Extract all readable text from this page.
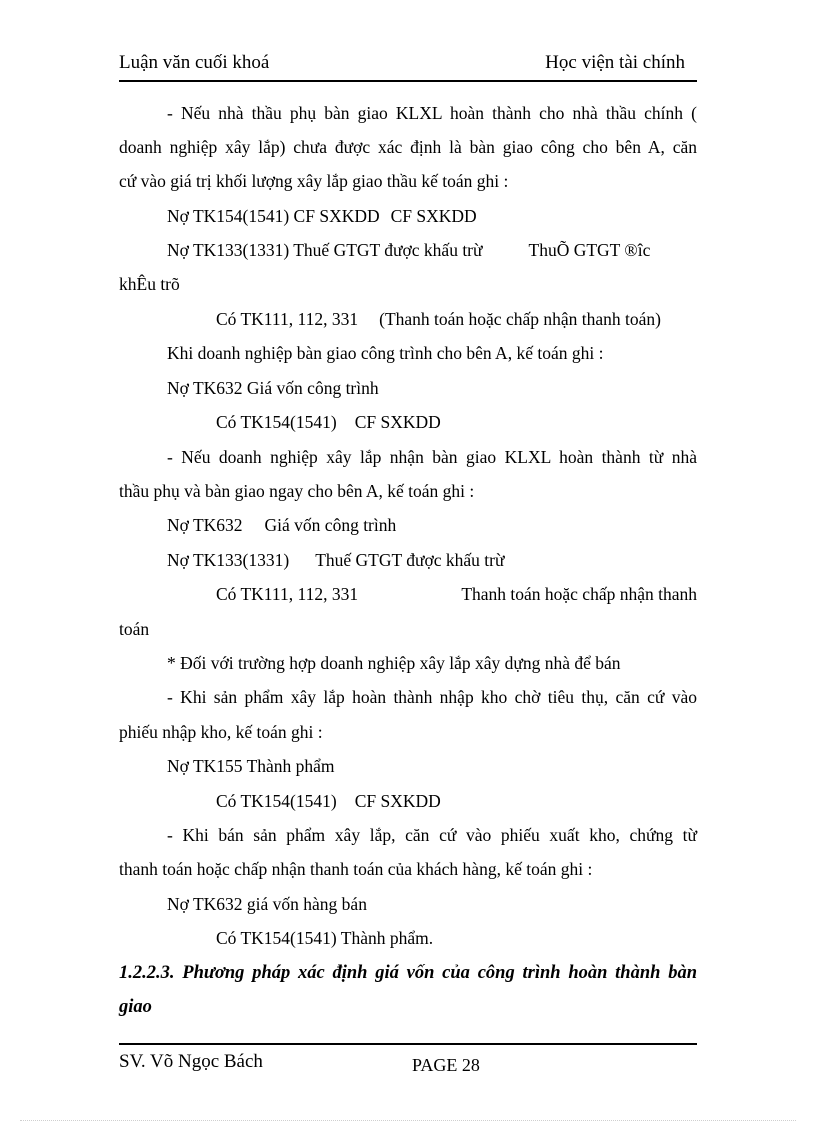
Luận văn cuối khoá	Học viện tài chính
- Nếu nhà thầu phụ bàn giao KLXL hoàn thành cho nhà thầu chính (
doanh nghiệp xây lắp) chưa được xác định là bàn giao công cho bên A, căn
cứ vào giá trị khối lượng xây lắp giao thầu kế toán ghi :
Nợ TK154(1541) CF SXKDD CF SXKDD
Nợ TK133(1331) Thuế GTGT được khấu trừ	ThuÕ GTGT ®îc
khÊu trõ
Có TK111, 112, 331 (Thanh toán hoặc chấp nhận thanh toán)
Khi doanh nghiệp bàn giao công trình cho bên A, kế toán ghi :
Nợ TK632 Giá vốn công trình
Có TK154(1541) CF SXKDD
- Nếu doanh nghiệp xây lắp nhận bàn giao KLXL hoàn thành từ nhà
thầu phụ và bàn giao ngay cho bên A, kế toán ghi :
Nợ TK632 Giá vốn công trình
Nợ TK133(1331) Thuế GTGT được khấu trừ
Có TK111, 112, 331	Thanh toán hoặc chấp nhận thanh
toán
* Đối với trường hợp doanh nghiệp xây lắp xây dựng nhà để bán
- Khi sản phẩm xây lắp hoàn thành nhập kho chờ tiêu thụ, căn cứ vào
phiếu nhập kho, kế toán ghi :
Nợ TK155 Thành phẩm
Có TK154(1541) CF SXKDD
- Khi bán sản phẩm xây lắp, căn cứ vào phiếu xuất kho, chứng từ
thanh toán hoặc chấp nhận thanh toán của khách hàng, kế toán ghi :
Nợ TK632 giá vốn hàng bán
Có TK154(1541) Thành phẩm.
1.2.2.3. Phương pháp xác định giá vốn của công trình hoàn thành bàn
giao
SV. Võ Ngọc Bách	PAGE 28
